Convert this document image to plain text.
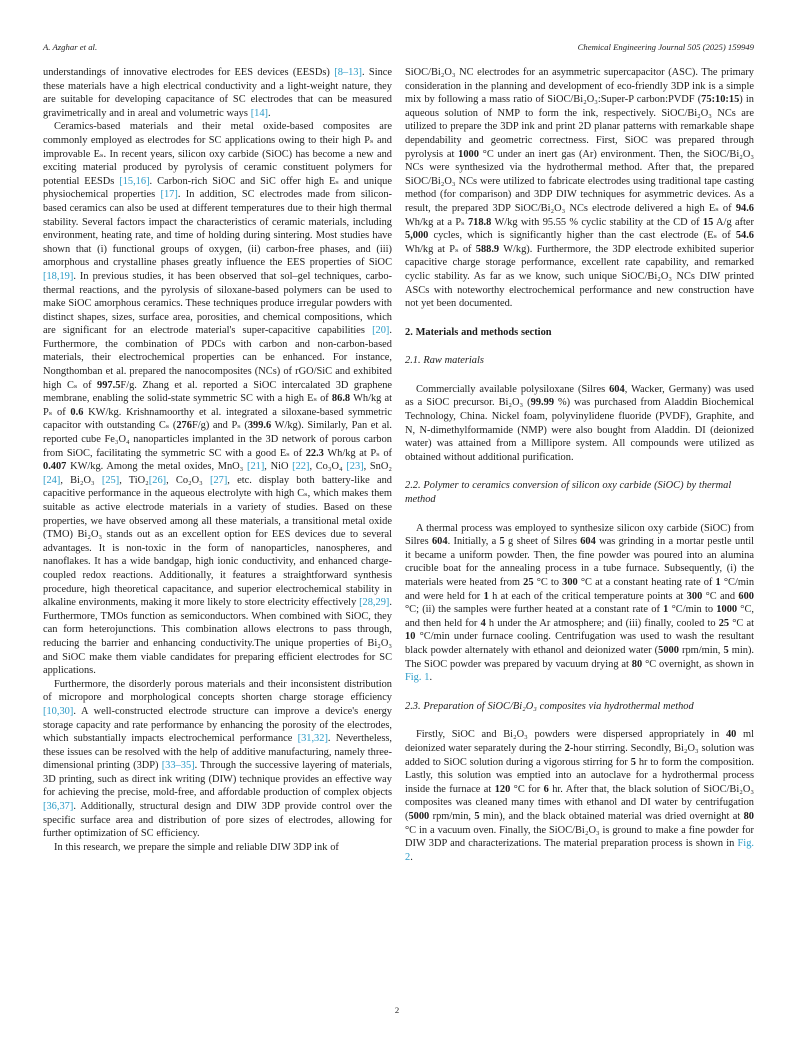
A. Azghar et al.	Chemical Engineering Journal 505 (2025) 159949

understandings of innovative electrodes for EES devices (EESDs) [8–13]. Since these materials have a high electrical conductivity and a light-weight nature, they are suitable for developing capacitance of SC electrodes that can be measured gravimetrically and in areal and volumetric ways [14].

Ceramics-based materials and their metal oxide-based composites are commonly employed as electrodes for SC applications owing to their high Pₛ and improvable Eₛ. In recent years, silicon oxy carbide (SiOC) has become a new and exciting material produced by pyrolysis of ceramic constituent polymers for potential EESDs [15,16]. Carbon-rich SiOC and SiC offer high Eₛ and unique physiochemical properties [17]. In addition, SC electrodes made from silicon-based ceramics can also be used at different temperatures due to their high thermal stability. Several factors impact the characteristics of ceramic materials, including environment, heating rate, and time of holding during sintering. Most studies have shown that (i) functional groups of oxygen, (ii) carbon-free phases, and (iii) amorphous and crystalline phases greatly influence the EES properties of SiOC [18,19]. In previous studies, it has been observed that sol–gel techniques, carbo-thermal reactions, and the pyrolysis of siloxane-based polymers can be used to make SiOC amorphous ceramics. These techniques produce irregular powders with distinct shapes, sizes, surface area, porosities, and chemical compositions, which are significant for an electrode material's super-capacitive capabilities [20]. Furthermore, the combination of PDCs with carbon and non-carbon-based materials, their electrochemical properties can be enhanced. For instance, Nongthomban et al. prepared the nanocomposites (NCs) of rGO/SiC and exhibited high Cₛ of 997.5F/g. Zhang et al. reported a SiOC intercalated 3D graphene membrane, enabling the solid-state symmetric SC with a high Eₛ of 86.8 Wh/kg at Pₛ of 0.6 KW/kg. Krishnamoorthy et al. integrated a siloxane-based symmetric capacitor with outstanding Cₛ (276F/g) and Pₛ (399.6 W/kg). Similarly, Pan et al. reported cube Fe₃O₄ nanoparticles implanted in the 3D network of porous carbon from SiOC, facilitating the symmetric SC with a good Eₛ of 22.3 Wh/kg at Pₛ of 0.407 KW/kg. Among the metal oxides, MnO₃ [21], NiO [22], Co₃O₄ [23], SnO₂ [24], Bi₂O₃ [25], TiO₂[26], Co₂O₃ [27], etc. display both battery-like and capacitive performance in the aqueous electrolyte with high Cₛ, which makes them suitable as active electrode materials in a variety of studies. Based on these properties, we have observed among all these materials, a transitional metal oxide (TMO) Bi₂O₃ stands out as an excellent option for EES devices due to several advantages. It is non-toxic in the form of nanoparticles, nanospheres, and nanoflakes. It has a wide bandgap, high ionic conductivity, and enhanced charge-coupled redox reactions. Additionally, it features a straightforward synthesis procedure, high theoretical capacitance, and superior electrochemical stability in alkaline environments, making it more likely to store electricity effectively [28,29]. Furthermore, TMOs function as semiconductors. When combined with SiOC, they can form heterojunctions. This combination allows electrons to pass through, reducing the barrier and enhancing conductivity.The unique properties of Bi₂O₃ and SiOC make them viable candidates for preparing efficient electrodes for SC applications.

Furthermore, the disorderly porous materials and their inconsistent distribution of micropore and morphological concepts shorten charge storage efficiency [10,30]. A well-constructed electrode structure can improve a device's energy storage capacity and rate performance by enhancing the porosity of the electrodes, which substantially impacts electrochemical performance [31,32]. Nevertheless, these issues can be resolved with the help of additive manufacturing, namely three-dimensional printing (3DP) [33–35]. Through the successive layering of materials, 3D printing, such as direct ink writing (DIW) technique provides an effective way for achieving the precise, mold-free, and affordable production of complex objects [36,37]. Additionally, structural design and DIW 3DP provide control over the specific surface area and distribution of pore sizes of electrodes, allowing for further optimization of SC efficiency.

In this research, we prepare the simple and reliable DIW 3DP ink of

SiOC/Bi₂O₃ NC electrodes for an asymmetric supercapacitor (ASC). The primary consideration in the planning and development of eco-friendly 3DP ink is a simple mix by following a mass ratio of SiOC/Bi₂O₃:Super-P carbon:PVDF (75:10:15) in aqueous solution of NMP to form the ink, respectively. SiOC/Bi₂O₃ NCs are utilized to prepare the 3DP ink and print 2D planar patterns with remarkable shape dependability and geometric correctness. First, SiOC was prepared through pyrolysis at 1000 °C under an inert gas (Ar) environment. Then, the SiOC/Bi₂O₃ NCs were synthesized via the hydrothermal method. After that, the prepared SiOC/Bi₂O₃ NCs were utilized to fabricate electrodes using traditional tape casting method (for comparison) and 3DP DIW techniques for asymmetric devices. As a result, the prepared 3DP SiOC/Bi₂O₃ NCs electrode delivered a high Eₛ of 94.6 Wh/kg at a Pₛ 718.8 W/kg with 95.55 % cyclic stability at the CD of 15 A/g after 5,000 cycles, which is significantly higher than the cast electrode (Eₛ of 54.6 Wh/kg at Pₛ of 588.9 W/kg). Furthermore, the 3DP electrode exhibited superior capacitive charge storage performance, excellent rate capability, and remarked cyclic stability. As far as we know, such unique SiOC/Bi₂O₃ NCs DIW printed ASCs with noteworthy electrochemical performance and new construction have not yet been documented.

2. Materials and methods section
2.1. Raw materials

Commercially available polysiloxane (Silres 604, Wacker, Germany) was used as a SiOC precursor. Bi₂O₃ (99.99 %) was purchased from Aladdin Biochemical Technology, China. Nickel foam, polyvinylidene fluoride (PVDF), Graphite, and N, N-dimethylformamide (NMP) were also bought from Aladdin. DI (deionized water) was attained from a Millipore system. All compounds were utilized as obtained without additional purification.

2.2. Polymer to ceramics conversion of silicon oxy carbide (SiOC) by thermal method

A thermal process was employed to synthesize silicon oxy carbide (SiOC) from Silres 604. Initially, a 5 g sheet of Silres 604 was grinding in a mortar pestle until it became a uniform powder. Then, the fine powder was poured into an alumina crucible boat for the annealing process in a tube furnace. Subsequently, (i) the materials were heated from 25 °C to 300 °C at a constant heating rate of 1 °C/min and were held for 1 h at each of the critical temperature points at 300 °C and 600 °C; (ii) the samples were further heated at a constant rate of 1 °C/min to 1000 °C, and then held for 4 h under the Ar atmosphere; and (iii) finally, cooled to 25 °C at 10 °C/min under furnace cooling. Centrifugation was used to wash the resultant black powder alternately with ethanol and deionized water (5000 rpm/min, 5 min). The SiOC powder was prepared by vacuum drying at 80 °C overnight, as shown in Fig. 1.

2.3. Preparation of SiOC/Bi₂O₃ composites via hydrothermal method

Firstly, SiOC and Bi₂O₃ powders were dispersed appropriately in 40 ml deionized water separately during the 2-hour stirring. Secondly, Bi₂O₃ solution was added to SiOC solution during a vigorous stirring for 5 hr to form the composition. Lastly, this solution was emptied into an autoclave for a hydrothermal process inside the furnace at 120 °C for 6 hr. After that, the black solution of SiOC/Bi₂O₃ composites was cleaned many times with ethanol and DI water by centrifugation (5000 rpm/min, 5 min), and the black obtained material was dried overnight at 80 °C in a vacuum oven. Finally, the SiOC/Bi₂O₃ is ground to make a fine powder for DIW 3DP and characterizations. The material preparation process is shown in Fig. 2.

2
